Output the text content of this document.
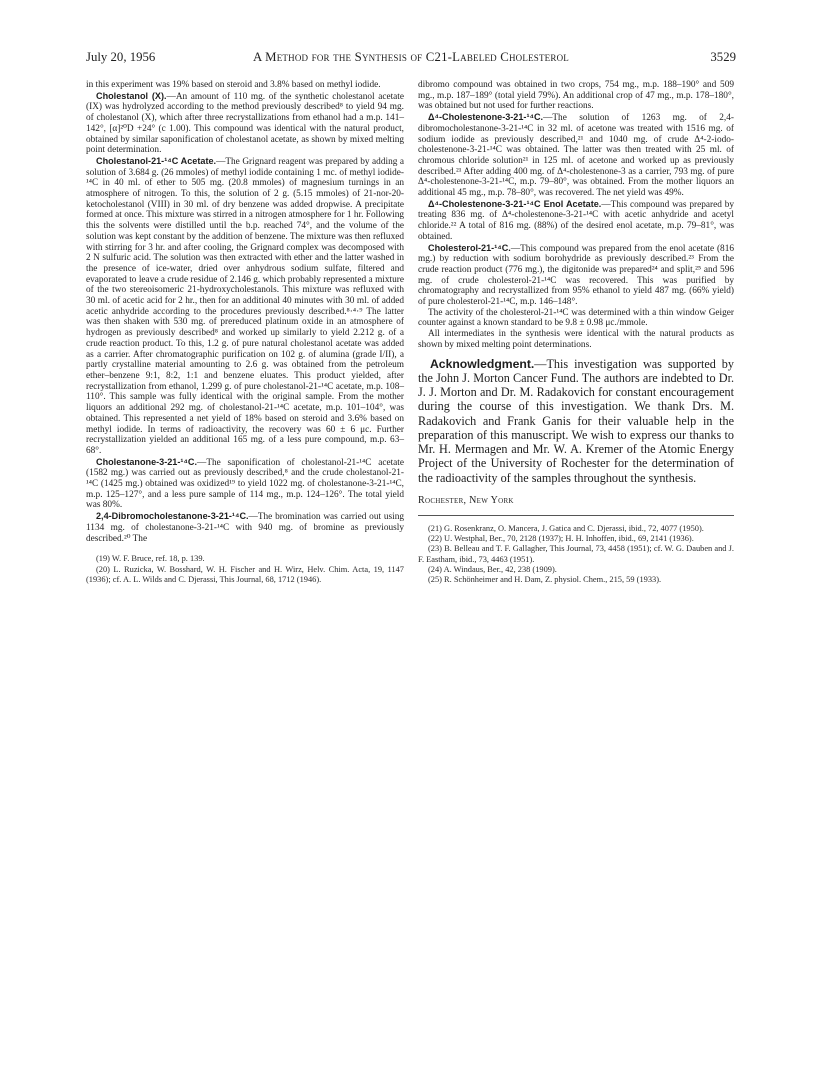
July 20, 1956	A Method for the Synthesis of C21-Labeled Cholesterol	3529

in this experiment was 19% based on steroid and 3.8% based on methyl iodide.

Cholestanol (X).—An amount of 110 mg. of the synthetic cholestanol acetate (IX) was hydrolyzed according to the method previously described⁸ to yield 94 mg. of cholestanol (X), which after three recrystallizations from ethanol had a m.p. 141–142°, [α]²⁰D +24° (c 1.00). This compound was identical with the natural product, obtained by similar saponification of cholestanol acetate, as shown by mixed melting point determination.

Cholestanol-21-¹⁴C Acetate.—The Grignard reagent was prepared by adding a solution of 3.684 g. (26 mmoles) of methyl iodide containing 1 mc. of methyl iodide-¹⁴C in 40 ml. of ether to 505 mg. (20.8 mmoles) of magnesium turnings in an atmosphere of nitrogen. To this, the solution of 2 g. (5.15 mmoles) of 21-nor-20-ketocholestanol (VIII) in 30 ml. of dry benzene was added dropwise. A precipitate formed at once. This mixture was stirred in a nitrogen atmosphere for 1 hr. Following this the solvents were distilled until the b.p. reached 74°, and the volume of the solution was kept constant by the addition of benzene. The mixture was then refluxed with stirring for 3 hr. and after cooling, the Grignard complex was decomposed with 2 N sulfuric acid. The solution was then extracted with ether and the latter washed in the presence of ice-water, dried over anhydrous sodium sulfate, filtered and evaporated to leave a crude residue of 2.146 g. which probably represented a mixture of the two stereoisomeric 21-hydroxycholestanols. This mixture was refluxed with 30 ml. of acetic acid for 2 hr., then for an additional 40 minutes with 30 ml. of added acetic anhydride according to the procedures previously described.⁸·⁴·⁹ The latter was then shaken with 530 mg. of prereduced platinum oxide in an atmosphere of hydrogen as previously described⁸ and worked up similarly to yield 2.212 g. of a crude reaction product. To this, 1.2 g. of pure natural cholestanol acetate was added as a carrier. After chromatographic purification on 102 g. of alumina (grade I/II), a partly crystalline material amounting to 2.6 g. was obtained from the petroleum ether–benzene 9:1, 8:2, 1:1 and benzene eluates. This product yielded, after recrystallization from ethanol, 1.299 g. of pure cholestanol-21-¹⁴C acetate, m.p. 108–110°. This sample was fully identical with the original sample. From the mother liquors an additional 292 mg. of cholestanol-21-¹⁴C acetate, m.p. 101–104°, was obtained. This represented a net yield of 18% based on steroid and 3.6% based on methyl iodide. In terms of radioactivity, the recovery was 60 ± 6 μc. Further recrystallization yielded an additional 165 mg. of a less pure compound, m.p. 63–68°.

Cholestanone-3-21-¹⁴C.—The saponification of cholestanol-21-¹⁴C acetate (1582 mg.) was carried out as previously described,⁸ and the crude cholestanol-21-¹⁴C (1425 mg.) obtained was oxidized¹⁹ to yield 1022 mg. of cholestanone-3-21-¹⁴C, m.p. 125–127°, and a less pure sample of 114 mg., m.p. 124–126°. The total yield was 80%.

2,4-Dibromocholestanone-3-21-¹⁴C.—The bromination was carried out using 1134 mg. of cholestanone-3-21-¹⁴C with 940 mg. of bromine as previously described.²⁰ The

(19) W. F. Bruce, ref. 18, p. 139.

(20) L. Ruzicka, W. Bosshard, W. H. Fischer and H. Wirz, Helv. Chim. Acta, 19, 1147 (1936); cf. A. L. Wilds and C. Djerassi, This Journal, 68, 1712 (1946).

dibromo compound was obtained in two crops, 754 mg., m.p. 188–190° and 509 mg., m.p. 187–189° (total yield 79%). An additional crop of 47 mg., m.p. 178–180°, was obtained but not used for further reactions.

Δ⁴-Cholestenone-3-21-¹⁴C.—The solution of 1263 mg. of 2,4-dibromocholestanone-3-21-¹⁴C in 32 ml. of acetone was treated with 1516 mg. of sodium iodide as previously described,²¹ and 1040 mg. of crude Δ⁴-2-iodo-cholestenone-3-21-¹⁴C was obtained. The latter was then treated with 25 ml. of chromous chloride solution²¹ in 125 ml. of acetone and worked up as previously described.²¹ After adding 400 mg. of Δ⁴-cholestenone-3 as a carrier, 793 mg. of pure Δ⁴-cholestenone-3-21-¹⁴C, m.p. 79–80°, was obtained. From the mother liquors an additional 45 mg., m.p. 78–80°, was recovered. The net yield was 49%.

Δ⁴-Cholestenone-3-21-¹⁴C Enol Acetate.—This compound was prepared by treating 836 mg. of Δ⁴-cholestenone-3-21-¹⁴C with acetic anhydride and acetyl chloride.²² A total of 816 mg. (88%) of the desired enol acetate, m.p. 79–81°, was obtained.

Cholesterol-21-¹⁴C.—This compound was prepared from the enol acetate (816 mg.) by reduction with sodium borohydride as previously described.²³ From the crude reaction product (776 mg.), the digitonide was prepared²⁴ and split,²⁵ and 596 mg. of crude cholesterol-21-¹⁴C was recovered. This was purified by chromatography and recrystallized from 95% ethanol to yield 487 mg. (66% yield) of pure cholesterol-21-¹⁴C, m.p. 146–148°.

The activity of the cholesterol-21-¹⁴C was determined with a thin window Geiger counter against a known standard to be 9.8 ± 0.98 μc./mmole.

All intermediates in the synthesis were identical with the natural products as shown by mixed melting point determinations.

Acknowledgment.—This investigation was supported by the John J. Morton Cancer Fund. The authors are indebted to Dr. J. J. Morton and Dr. M. Radakovich for constant encouragement during the course of this investigation. We thank Drs. M. Radakovich and Frank Ganis for their valuable help in the preparation of this manuscript. We wish to express our thanks to Mr. H. Mermagen and Mr. W. A. Kremer of the Atomic Energy Project of the University of Rochester for the determination of the radioactivity of the samples throughout the synthesis.

Rochester, New York

(21) G. Rosenkranz, O. Mancera, J. Gatica and C. Djerassi, ibid., 72, 4077 (1950).

(22) U. Westphal, Ber., 70, 2128 (1937); H. H. Inhoffen, ibid., 69, 2141 (1936).

(23) B. Belleau and T. F. Gallagher, This Journal, 73, 4458 (1951); cf. W. G. Dauben and J. F. Eastham, ibid., 73, 4463 (1951).

(24) A. Windaus, Ber., 42, 238 (1909).

(25) R. Schönheimer and H. Dam, Z. physiol. Chem., 215, 59 (1933).
